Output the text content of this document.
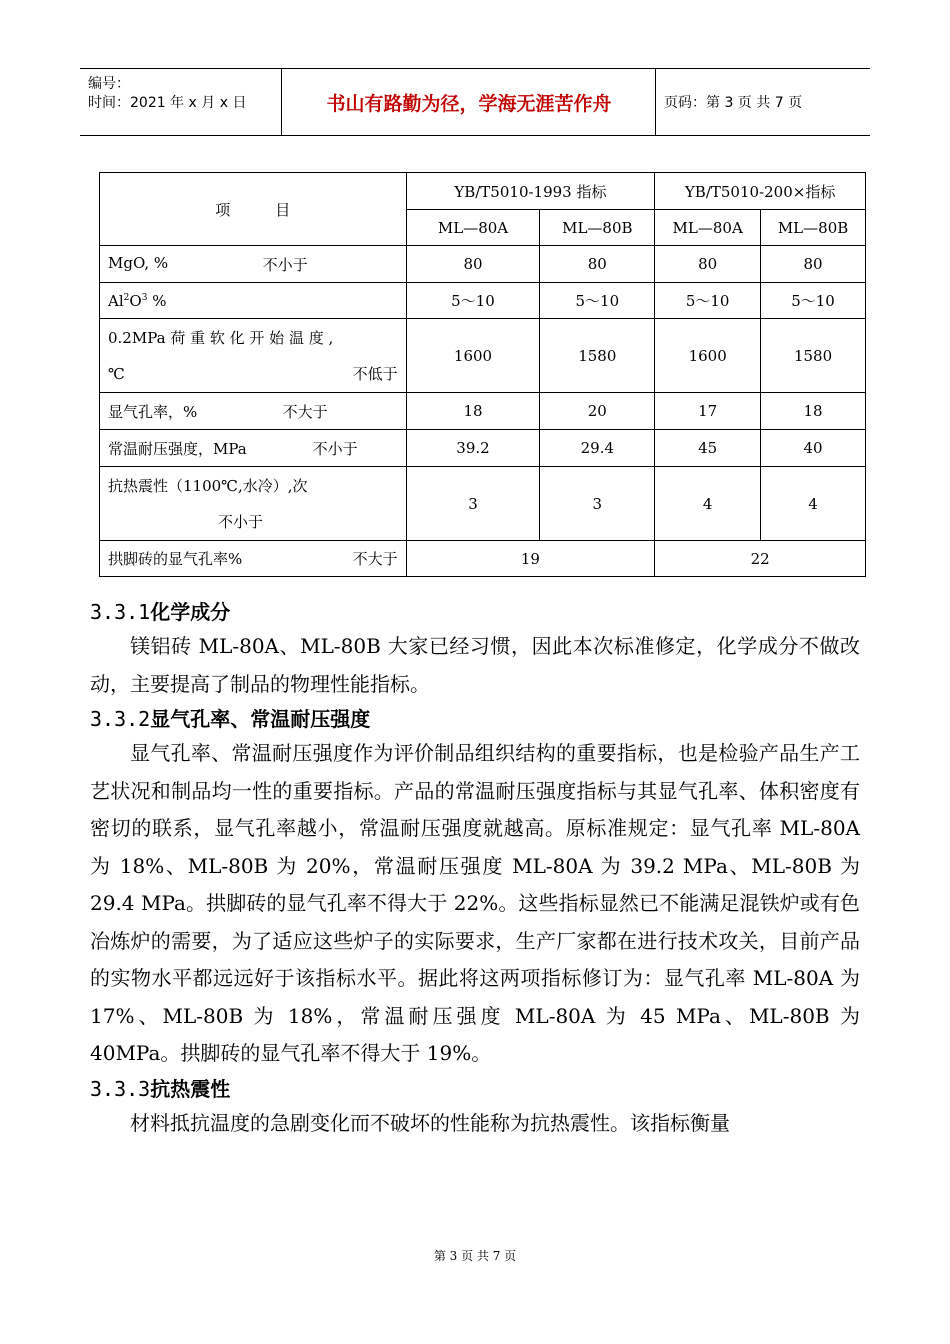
编号：
时间：2021 年 x 月 x 日	书山有路勤为径，学海无涯苦作舟	页码：第 3 页 共 7 页
项　　　目	YB/T5010-1993 指标		YB/T5010-200×指标	
	ML—80A	ML—80B	ML—80A	ML—80B

MgO, % 不小于	80	80	80	80
$Al^2O^3$ %	5～10	5～10	5～10	5～10

0.2MPa 荷 重 软 化 开 始 温 度 ,
℃ 不低于	1600	1580	1600	1580

显气孔率，% 不大于	18	20	17	18

常温耐压强度，MPa 不小于	39.2	29.4	45	40

抗热震性（1100℃,水冷）,次
不小于	3	3	4	4

拱脚砖的显气孔率% 不大于	19		22	
3.3.1化学成分

镁铝砖 ML-80A、ML-80B 大家已经习惯，因此本次标准修定，化学成分不做改动，主要提高了制品的物理性能指标。

3.3.2显气孔率、常温耐压强度

显气孔率、常温耐压强度作为评价制品组织结构的重要指标，也是检验产品生产工艺状况和制品均一性的重要指标。产品的常温耐压强度指标与其显气孔率、体积密度有密切的联系，显气孔率越小，常温耐压强度就越高。原标准规定：显气孔率 ML-80A 为 18%、ML-80B 为 20%，常温耐压强度 ML-80A 为 39.2 MPa、ML-80B 为 29.4 MPa。拱脚砖的显气孔率不得大于 22%。这些指标显然已不能满足混铁炉或有色冶炼炉的需要，为了适应这些炉子的实际要求，生产厂家都在进行技术攻关，目前产品的实物水平都远远好于该指标水平。据此将这两项指标修订为：显气孔率 ML-80A 为 17%、ML-80B 为 18%，常温耐压强度 ML-80A 为 45 MPa、ML-80B 为 40MPa。拱脚砖的显气孔率不得大于 19%。

3.3.3抗热震性

材料抵抗温度的急剧变化而不破坏的性能称为抗热震性。该指标衡量

第 3 页 共 7 页
